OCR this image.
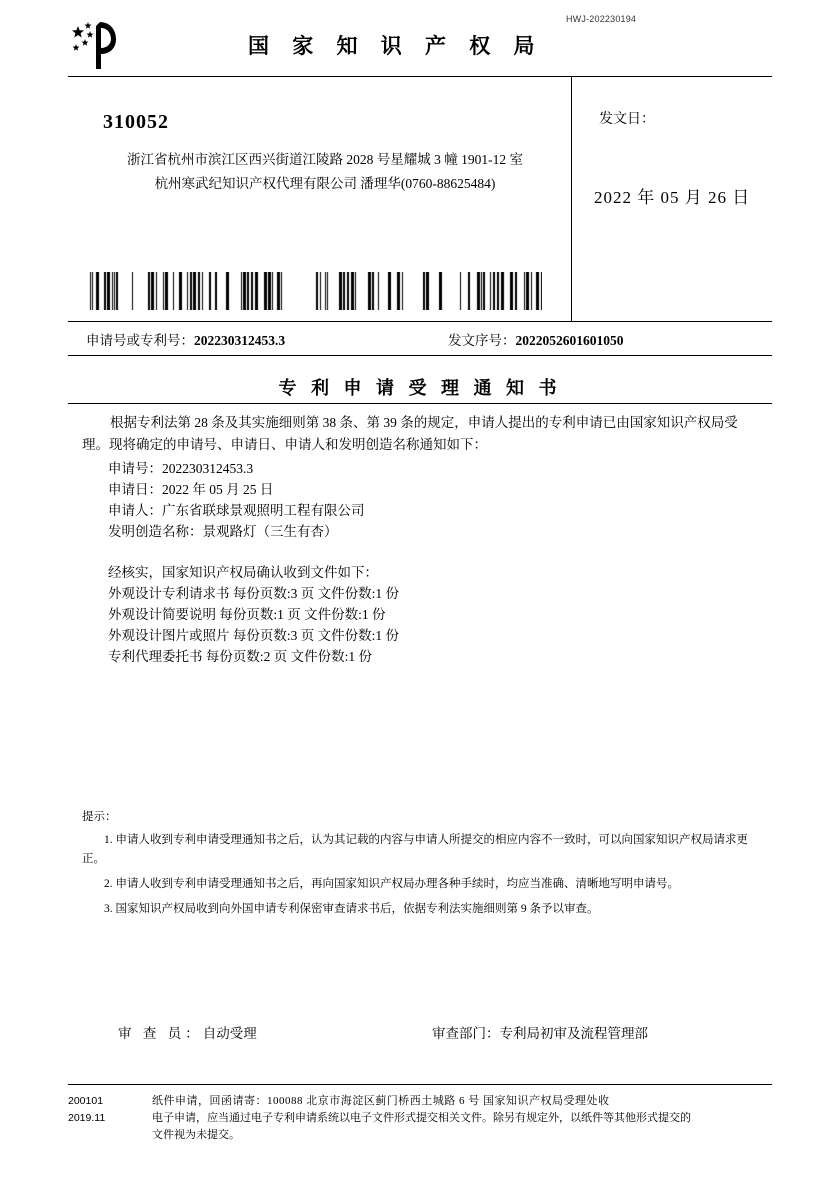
HWJ-202230194
国 家 知 识 产 权 局
310052
浙江省杭州市滨江区西兴街道江陵路 2028 号星耀城 3 幢 1901-12 室
杭州寒武纪知识产权代理有限公司 潘理华(0760-88625484)
发文日：
2022 年 05 月 26 日
申请号或专利号：202230312453.3	发文序号：2022052601601050
专 利 申 请 受 理 通 知 书

根据专利法第 28 条及其实施细则第 38 条、第 39 条的规定，申请人提出的专利申请已由国家知识产权局受理。现将确定的申请号、申请日、申请人和发明创造名称通知如下：

申请号：202230312453.3

申请日：2022 年 05 月 25 日

申请人：广东省联球景观照明工程有限公司

发明创造名称：景观路灯（三生有杏）

经核实，国家知识产权局确认收到文件如下：

外观设计专利请求书 每份页数:3 页 文件份数:1 份

外观设计简要说明 每份页数:1 页 文件份数:1 份

外观设计图片或照片 每份页数:3 页 文件份数:1 份

专利代理委托书 每份页数:2 页 文件份数:1 份

提示：

1. 申请人收到专利申请受理通知书之后，认为其记载的内容与申请人所提交的相应内容不一致时，可以向国家知识产权局请求更正。

2. 申请人收到专利申请受理通知书之后，再向国家知识产权局办理各种手续时，均应当准确、清晰地写明申请号。

3. 国家知识产权局收到向外国申请专利保密审查请求书后，依据专利法实施细则第 9 条予以审查。

审 查 员：自动受理	审查部门：专利局初审及流程管理部
200101
2019.11

纸件申请，回函请寄：100088 北京市海淀区蓟门桥西土城路 6 号 国家知识产权局受理处收

电子申请，应当通过电子专利申请系统以电子文件形式提交相关文件。除另有规定外，以纸件等其他形式提交的

文件视为未提交。
